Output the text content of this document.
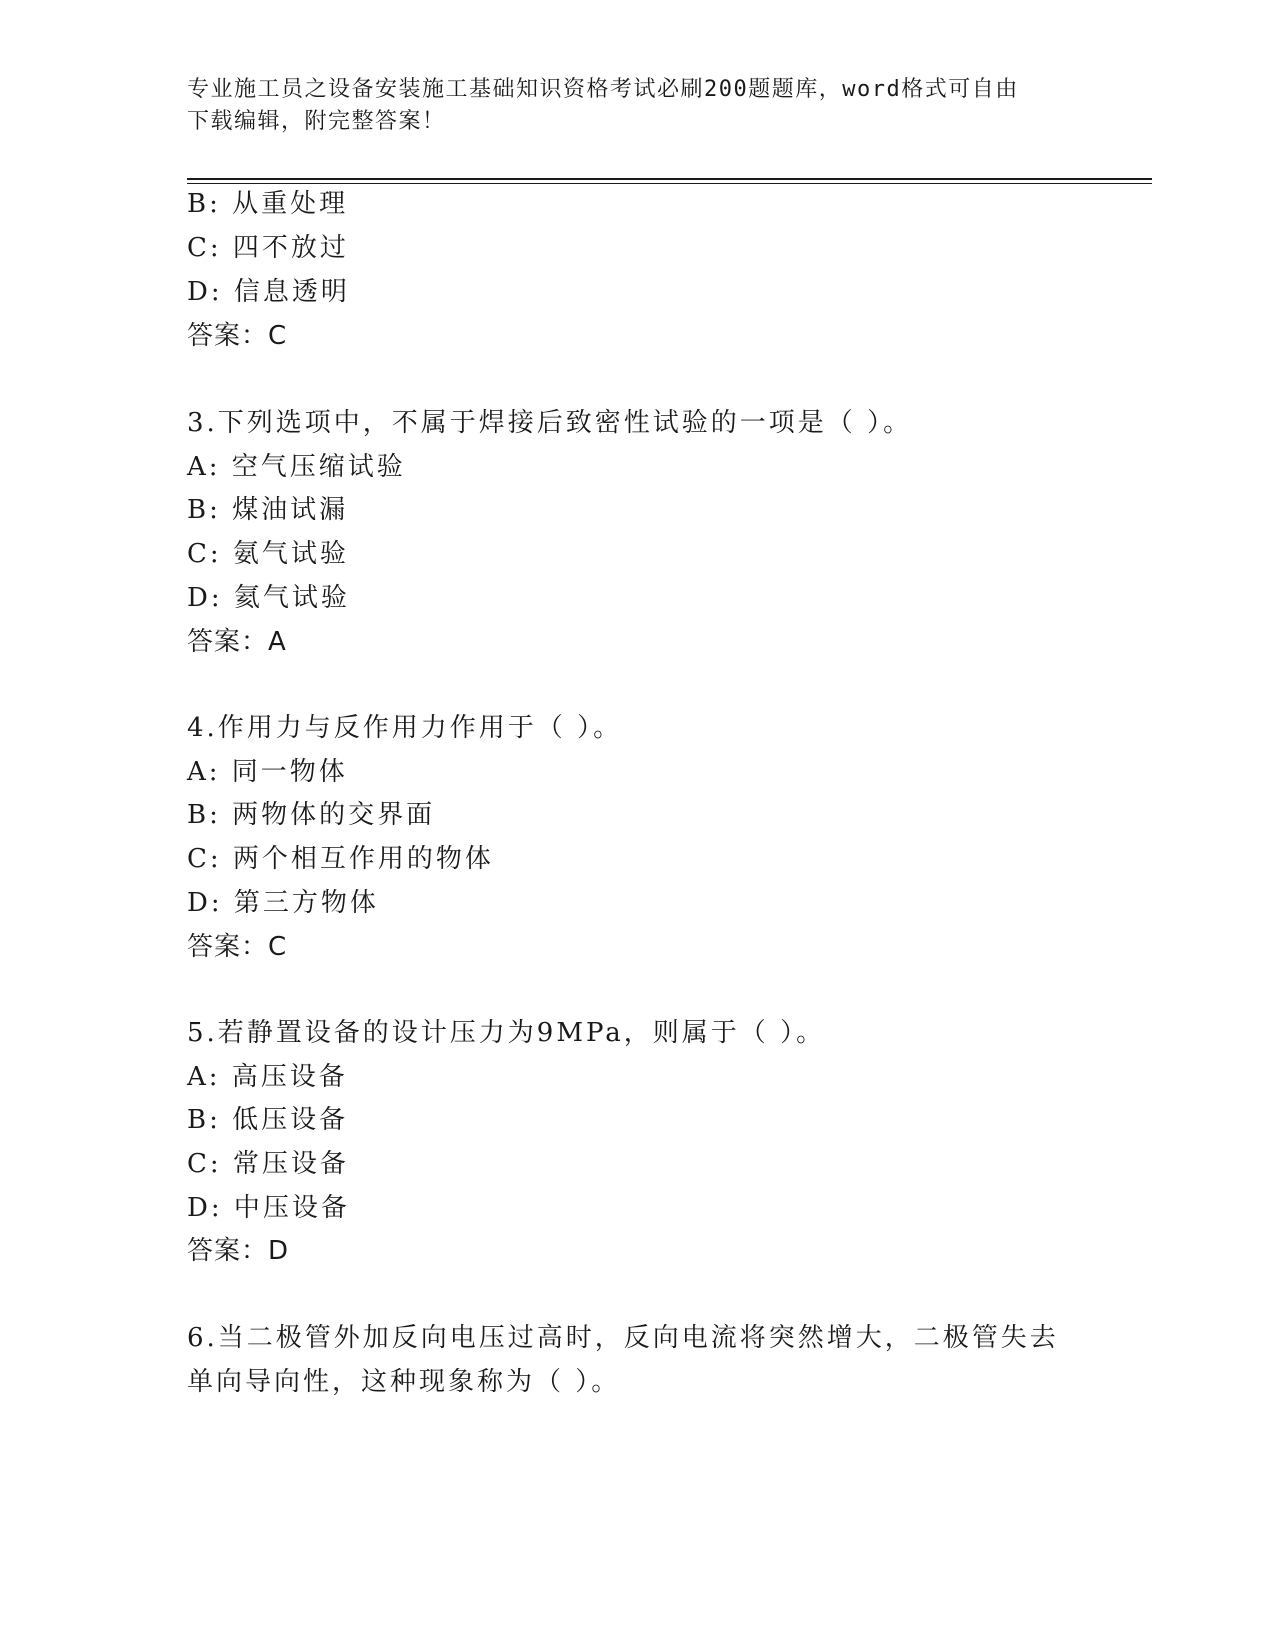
专业施工员之设备安装施工基础知识资格考试必刷200题题库，word格式可自由
下载编辑，附完整答案！
B: 从重处理
C: 四不放过
D: 信息透明
答案：C
3.下列选项中，不属于焊接后致密性试验的一项是（ ）。
A: 空气压缩试验
B: 煤油试漏
C: 氨气试验
D: 氦气试验
答案：A
4.作用力与反作用力作用于（ ）。
A: 同一物体
B: 两物体的交界面
C: 两个相互作用的物体
D: 第三方物体
答案：C
5.若静置设备的设计压力为9MPa，则属于（ ）。
A: 高压设备
B: 低压设备
C: 常压设备
D: 中压设备
答案：D
6.当二极管外加反向电压过高时，反向电流将突然增大，二极管失去
单向导向性，这种现象称为（ ）。
